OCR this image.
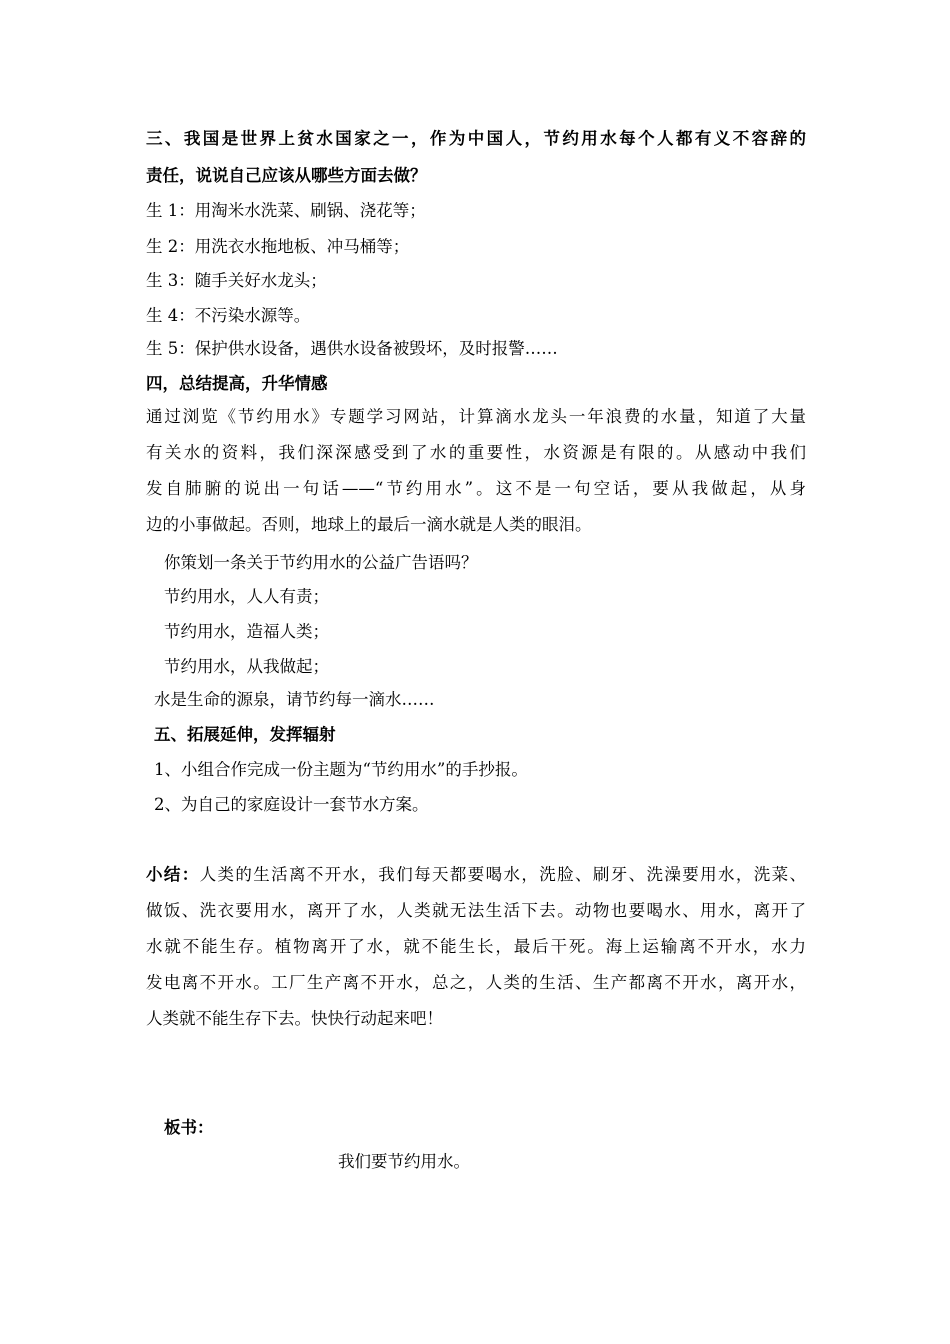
三、我国是世界上贫水国家之一，作为中国人，节约用水每个人都有义不容辞的
责任，说说自己应该从哪些方面去做？
生 1：用淘米水洗菜、刷锅、浇花等；
生 2：用洗衣水拖地板、冲马桶等；
生 3：随手关好水龙头；
生 4：不污染水源等。
生 5：保护供水设备，遇供水设备被毁坏，及时报警……
四，总结提高，升华情感
通过浏览《节约用水》专题学习网站，计算滴水龙头一年浪费的水量，知道了大量
有关水的资料，我们深深感受到了水的重要性，水资源是有限的。从感动中我们
发自肺腑的说出一句话——“节约用水”。这不是一句空话，要从我做起，从身
边的小事做起。否则，地球上的最后一滴水就是人类的眼泪。
你策划一条关于节约用水的公益广告语吗？
节约用水，人人有责；
节约用水，造福人类；
节约用水，从我做起；
水是生命的源泉，请节约每一滴水……
五、拓展延伸，发挥辐射
1、小组合作完成一份主题为“节约用水”的手抄报。
2、为自己的家庭设计一套节水方案。
小结：人类的生活离不开水，我们每天都要喝水，洗脸、刷牙、洗澡要用水，洗菜、
做饭、洗衣要用水，离开了水，人类就无法生活下去。动物也要喝水、用水，离开了
水就不能生存。植物离开了水，就不能生长，最后干死。海上运输离不开水，水力
发电离不开水。工厂生产离不开水，总之，人类的生活、生产都离不开水，离开水，
人类就不能生存下去。快快行动起来吧！
板书：
我们要节约用水。
